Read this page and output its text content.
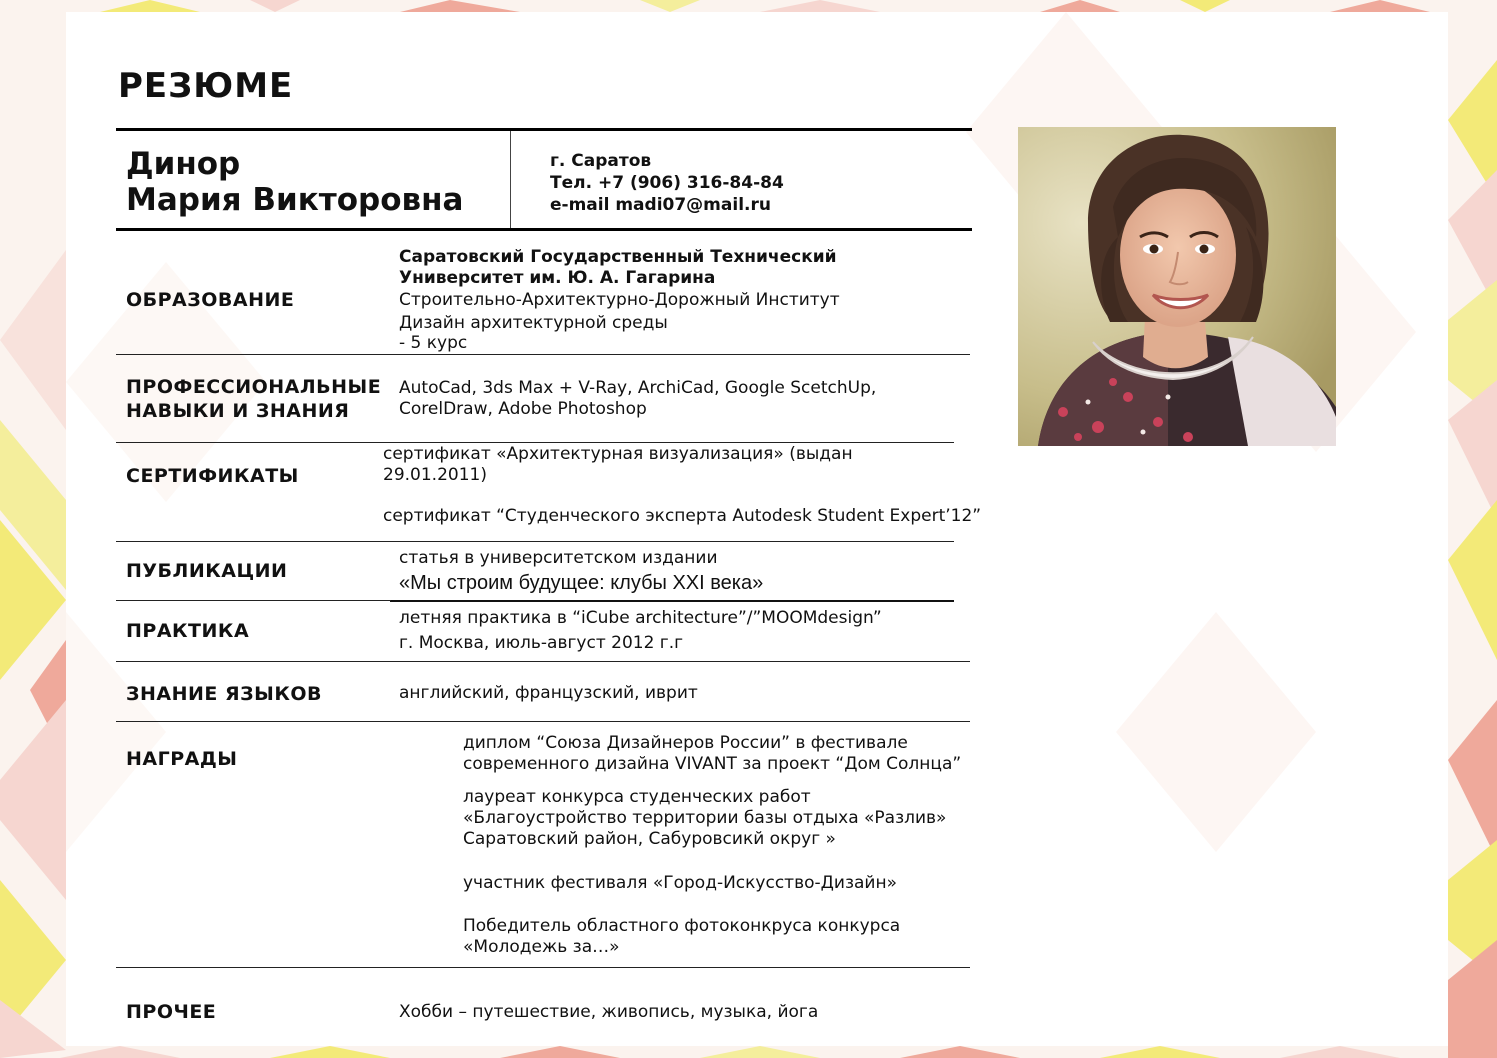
РЕЗЮМЕ
Динор
Мария Викторовна
г. Саратов
Тел. +7 (906) 316-84-84
e-mail madi07@mail.ru
ОБРАЗОВАНИЕ
Саратовский Государственный Технический
Университет им. Ю. А. Гагарина
Строительно-Архитектурно-Дорожный Институт
Дизайн архитектурной среды
- 5 курс
ПРОФЕССИОНАЛЬНЫЕ
НАВЫКИ И ЗНАНИЯ
AutoCad, 3ds Max + V-Ray, ArchiCad, Google ScetchUp,
CorelDraw, Adobe Photoshop
СЕРТИФИКАТЫ
сертификат «Архитектурная визуализация» (выдан
29.01.2011)
сертификат “Студенческого эксперта Autodesk Student Expert’12”
ПУБЛИКАЦИИ
статья в университетском издании
«Мы строим будущее: клубы XXI века»
ПРАКТИКА
летняя практика в “iCube architecture”/”MOOMdesign”
г. Москва, июль-август 2012 г.г
ЗНАНИЕ ЯЗЫКОВ	английский, французский, иврит
НАГРАДЫ
диплом “Союза Дизайнеров России” в фестивале
современного дизайна VIVANT за проект “Дом Солнца”
лауреат конкурса студенческих работ
«Благоустройство территории базы отдыха «Разлив»
Саратовский район, Сабуровсикй округ »
участник фестиваля «Город-Искусство-Дизайн»
Победитель областного фотоконкруса конкурса
«Молодежь за…»
ПРОЧЕЕ	Хобби – путешествие, живопись, музыка, йога
